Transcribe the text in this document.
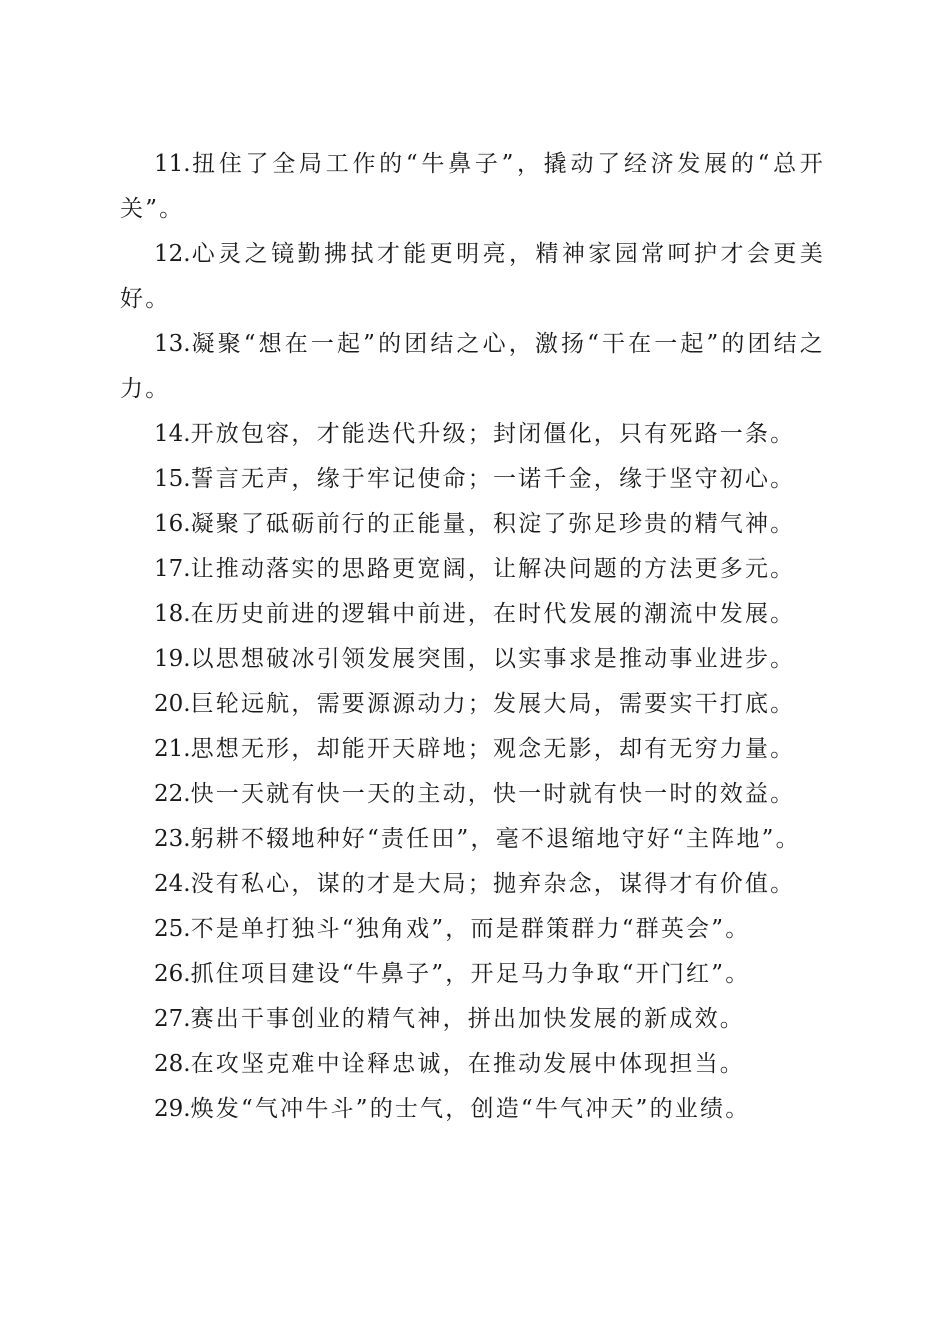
11.扭住了全局工作的“牛鼻子”，撬动了经济发展的“总开关”。

12.心灵之镜勤拂拭才能更明亮，精神家园常呵护才会更美好。

13.凝聚“想在一起”的团结之心，激扬“干在一起”的团结之力。

14.开放包容，才能迭代升级；封闭僵化，只有死路一条。

15.誓言无声，缘于牢记使命；一诺千金，缘于坚守初心。

16.凝聚了砥砺前行的正能量，积淀了弥足珍贵的精气神。

17.让推动落实的思路更宽阔，让解决问题的方法更多元。

18.在历史前进的逻辑中前进，在时代发展的潮流中发展。

19.以思想破冰引领发展突围，以实事求是推动事业进步。

20.巨轮远航，需要源源动力；发展大局，需要实干打底。

21.思想无形，却能开天辟地；观念无影，却有无穷力量。

22.快一天就有快一天的主动，快一时就有快一时的效益。

23.躬耕不辍地种好“责任田”，毫不退缩地守好“主阵地”。

24.没有私心，谋的才是大局；抛弃杂念，谋得才有价值。

25.不是单打独斗“独角戏”，而是群策群力“群英会”。

26.抓住项目建设“牛鼻子”，开足马力争取“开门红”。

27.赛出干事创业的精气神，拼出加快发展的新成效。

28.在攻坚克难中诠释忠诚，在推动发展中体现担当。

29.焕发“气冲牛斗”的士气，创造“牛气冲天”的业绩。
